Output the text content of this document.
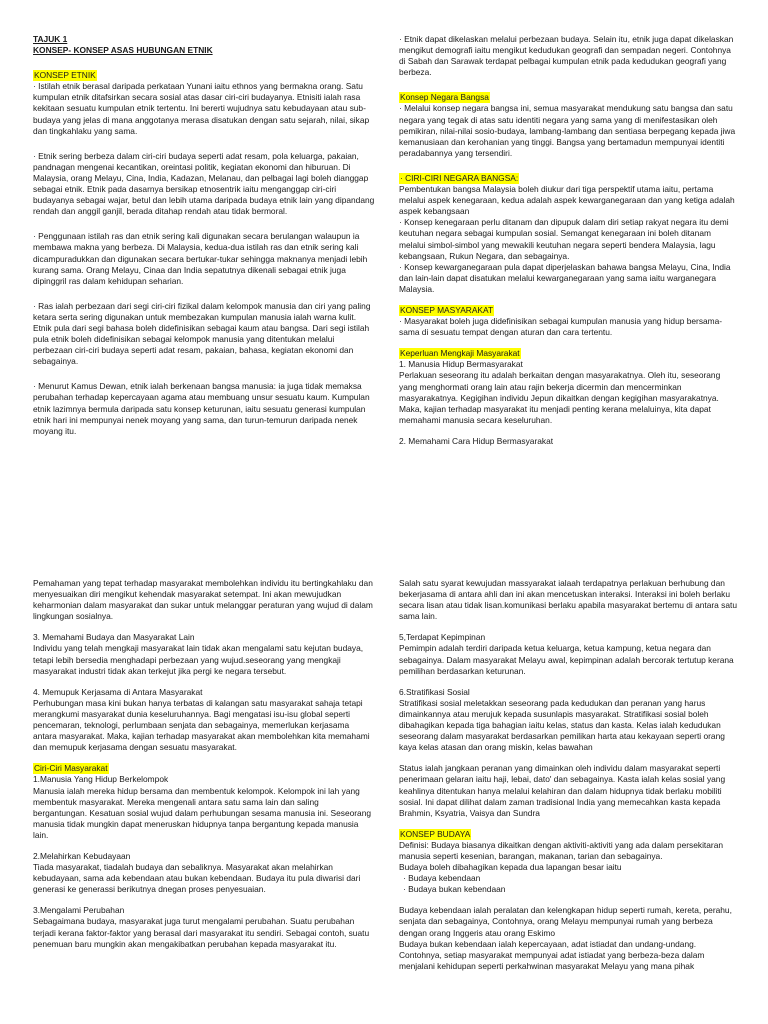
TAJUK 1

KONSEP- KONSEP ASAS HUBUNGAN ETNIK

KONSEP ETNIK

· Istilah etnik berasal daripada perkataan Yunani iaitu ethnos yang bermakna orang. Satu kumpulan etnik ditafsirkan secara sosial atas dasar ciri-ciri budayanya. Etnisiti ialah rasa kekitaan sesuatu kumpulan etnik tertentu. Ini bererti wujudnya satu kebudayaan atau sub-budaya yang jelas di mana anggotanya merasa disatukan dengan satu sejarah, nilai, sikap dan tingkahlaku yang sama.

· Etnik sering berbeza dalam ciri-ciri budaya seperti adat resam, pola keluarga, pakaian, pandnagan mengenai kecantikan, oreintasi politik, kegiatan ekonomi dan hiburuan. Di Malaysia, orang Melayu, Cina, India, Kadazan, Melanau, dan pelbagai lagi boleh dianggap sebagai etnik. Etnik pada dasarnya bersikap etnosentrik iaitu menganggap ciri-ciri budayanya sebagai wajar, betul dan lebih utama daripada budaya etnik lain yang dipandang rendah dan anggil ganjil, berada ditahap rendah atau tidak bermoral.

· Penggunaan istilah ras dan etnik sering kali digunakan secara berulangan walaupun ia membawa makna yang berbeza. Di Malaysia, kedua-dua istilah ras dan etnik sering kali dicampuradukkan dan digunakan secara bertukar-tukar sehingga maknanya menjadi lebih kurang sama. Orang Melayu, Cinaa dan India sepatutnya dikenali sebagai etnik juga dipinggril ras dalam kehidupan seharian.

· Ras ialah perbezaan dari segi ciri-ciri fizikal dalam kelompok manusia dan ciri yang paling ketara serta sering digunakan untuk membezakan kumpulan manusia ialah warna kulit. Etnik pula dari segi bahasa boleh didefinisikan sebagai kaum atau bangsa. Dari segi istilah pula etnik boleh didefinisikan sebagai kelompok manusia yang ditentukan melalui perbezaan ciri-ciri budaya seperti adat resam, pakaian, bahasa, kegiatan ekonomi dan sebagainya.

· Menurut Kamus Dewan, etnik ialah berkenaan bangsa manusia: ia juga tidak memaksa perubahan terhadap kepercayaan agama atau membuang unsur sesuatu kaum. Kumpulan etnik lazimnya bermula daripada satu konsep keturunan, iaitu sesuatu generasi kumpulan etnik hari ini mempunyai nenek moyang yang sama, dan turun-temurun daripada nenek moyang itu.

· Etnik dapat dikelaskan melalui perbezaan budaya. Selain itu, etnik juga dapat dikelaskan mengikut demografi iaitu mengikut kedudukan geografi dan sempadan negeri. Contohnya di Sabah dan Sarawak terdapat pelbagai kumpulan etnik pada kedudukan geografi yang berbeza.

Konsep Negara Bangsa

· Melalui konsep negara bangsa ini, semua masyarakat mendukung satu bangsa dan satu negara yang tegak di atas satu identiti negara yang sama yang di menifestasikan oleh pemikiran, nilai-nilai sosio-budaya, lambang-lambang dan sentiasa berpegang kepada jiwa kemanusiaan dan kerohanian yang tinggi. Bangsa yang bertamadun mempunyai identiti peradabannya yang tersendiri.

· CIRI-CIRI NEGARA BANGSA:

Pembentukan bangsa Malaysia boleh diukur dari tiga perspektif utama iaitu, pertama melalui aspek kenegaraan, kedua adalah aspek kewarganegaraan dan yang ketiga adalah aspek kebangsaan

· Konsep kenegaraan perlu ditanam dan dipupuk dalam diri setiap rakyat negara itu demi keutuhan negara sebagai kumpulan sosial. Semangat kenegaraan ini boleh ditanam melalui simbol-simbol yang mewakili keutuhan negara seperti bendera Malaysia, lagu kebangsaan, Rukun Negara, dan sebagainya.

· Konsep kewarganegaraan pula dapat diperjelaskan bahawa bangsa Melayu, Cina, India dan lain-lain dapat disatukan melalui kewarganegaraan yang sama iaitu warganegara Malaysia.

KONSEP MASYARAKAT

· Masyarakat boleh juga didefinisikan sebagai kumpulan manusia yang hidup bersama-sama di sesuatu tempat dengan aturan dan cara tertentu.

Keperluan Mengkaji Masyarakat

1. Manusia Hidup Bermasyarakat

Perlakuan seseorang itu adalah berkaitan dengan masyarakatnya. Oleh itu, seseorang yang menghormati orang lain atau rajin bekerja dicermin dan mencerminkan masyarakatnya. Kegigihan individu Jepun dikaitkan dengan kegigihan masyarakatnya. Maka, kajian terhadap masyarakat itu menjadi penting kerana melaluinya, kita dapat memahami manusia secara keseluruhan.

2. Memahami Cara Hidup Bermasyarakat

Pemahaman yang tepat terhadap masyarakat membolehkan individu itu bertingkahlaku dan menyesuaikan diri mengikut kehendak masyarakat setempat. Ini akan mewujudkan keharmonian dalam masyarakat dan sukar untuk melanggar peraturan yang wujud di dalam lingkungan sosialnya.

3. Memahami Budaya dan Masyarakat Lain

Individu yang telah mengkaji masyarakat lain tidak akan mengalami satu kejutan budaya, tetapi lebih bersedia menghadapi perbezaan yang wujud.seseorang yang mengkaji masyarakat industri tidak akan terkejut jika pergi ke negara tersebut.

4. Memupuk Kerjasama di Antara Masyarakat

Perhubungan masa kini bukan hanya terbatas di kalangan satu masyarakat sahaja tetapi merangkumi masyarakat dunia keseluruhannya. Bagi mengatasi isu-isu global seperti pencemaran, teknologi, perlumbaan senjata dan sebagainya, memerlukan kerjasama antara masyarakat. Maka, kajian terhadap masyarakat akan membolehkan kita memahami dan memupuk kerjasama dengan sesuatu masyarakat.

Ciri-Ciri Masyarakat

1.Manusia Yang Hidup Berkelompok

Manusia ialah mereka hidup bersama dan membentuk kelompok. Kelompok ini lah yang membentuk masyarakat. Mereka mengenali antara satu sama lain dan saling bergantungan. Kesatuan sosial wujud dalam perhubungan sesama manusia ini. Seseorang manusia tidak mungkin dapat meneruskan hidupnya tanpa bergantung kepada manusia lain.

2.Melahirkan Kebudayaan

Tiada masyarakat, tiadalah budaya dan sebaliknya. Masyarakat akan melahirkan kebudayaan, sama ada kebendaan atau bukan kebendaan. Budaya itu pula diwarisi dari generasi ke generassi berikutnya dnegan proses penyesuaian.

3.Mengalami Perubahan

Sebagaimana budaya, masyarakat juga turut mengalami perubahan. Suatu perubahan terjadi kerana faktor-faktor yang berasal dari masyarakat itu sendiri. Sebagai contoh, suatu penemuan baru mungkin akan mengakibatkan perubahan kepada masyarakat itu.

Salah satu syarat kewujudan massyarakat ialaah terdapatnya perlakuan berhubung dan bekerjasama di antara ahli dan ini akan mencetuskan interaksi. Interaksi ini boleh berlaku secara lisan atau tidak lisan.komunikasi berlaku apabila masyarakat bertemu di antara satu sama lain.

5,Terdapat Kepimpinan

Pemimpin adalah terdiri daripada ketua keluarga, ketua kampung, ketua negara dan sebagainya. Dalam masyarakat Melayu awal, kepimpinan adalah bercorak tertutup kerana pemilihan berdasarkan keturunan.

6.Stratifikasi Sosial

Stratifikasi sosial meletakkan seseorang pada kedudukan dan peranan yang harus dimainkannya atau merujuk kepada susunlapis masyarakat. Stratifikasi sosial boleh dibahagikan kepada tiga bahagian iaitu kelas, status dan kasta. Kelas ialah kedudukan seseorang dalam masyarakat berdasarkan pemilikan harta atau kekayaan seperti orang kaya kelas atasan dan orang miskin, kelas bawahan

Status ialah jangkaan peranan yang dimainkan oleh individu dalam masyarakat seperti penerimaan gelaran iaitu haji, lebai, dato' dan sebagainya. Kasta ialah kelas sosial yang keahlinya ditentukan hanya melalui kelahiran dan dalam hidupnya tidak berlaku mobiliti sosial. Ini dapat dilihat dalam zaman tradisional India yang memecahkan kasta kepada Brahmin, Ksyatria, Vaisya dan Sundra

KONSEP BUDAYA

Definisi: Budaya biasanya dikaitkan dengan aktiviti-aktiviti yang ada dalam persekitaran manusia seperti kesenian, barangan, makanan, tarian dan sebagainya.

Budaya boleh dibahagikan kepada dua lapangan besar iaitu

· Budaya kebendaan

· Budaya bukan kebendaan

Budaya kebendaan ialah peralatan dan kelengkapan hidup seperti rumah, kereta, perahu, senjata dan sebagainya, Contohnya, orang Melayu mempunyai rumah yang berbeza dengan orang Inggeris atau orang Eskimo

Budaya bukan kebendaan ialah kepercayaan, adat istiadat dan undang-undang. Contohnya, setiap masyarakat mempunyai adat istiadat yang berbeza-beza dalam menjalani kehidupan seperti perkahwinan masyarakat Melayu yang mana pihak
